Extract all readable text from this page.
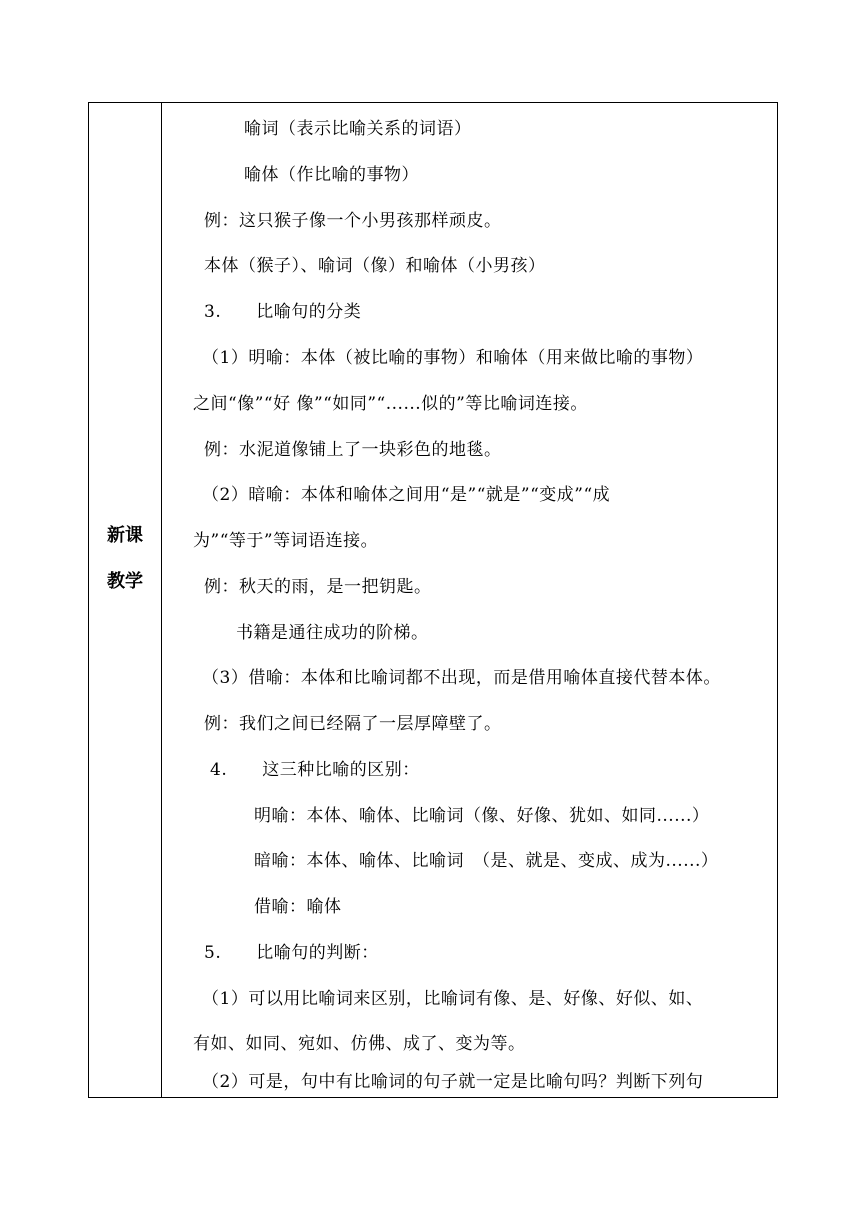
新课
教学
喻词（表示比喻关系的词语）
喻体（作比喻的事物）
例：这只猴子像一个小男孩那样顽皮。
本体（猴子）、喻词（像）和喻体（小男孩）
3.　　比喻句的分类
（1）明喻：本体（被比喻的事物）和喻体（用来做比喻的事物）
之间“像”“好 像”“如同”“......似的”等比喻词连接。
例：水泥道像铺上了一块彩色的地毯。
（2）暗喻：本体和喻体之间用“是”“就是”“变成”“成
为”“等于”等词语连接。
例：秋天的雨，是一把钥匙。
书籍是通往成功的阶梯。
（3）借喻：本体和比喻词都不出现，而是借用喻体直接代替本体。
例：我们之间已经隔了一层厚障壁了。
4.　　这三种比喻的区别：
明喻：本体、喻体、比喻词（像、好像、犹如、如同......）
暗喻：本体、喻体、比喻词　（是、就是、变成、成为......）
借喻：喻体
5.　　比喻句的判断：
（1）可以用比喻词来区别，比喻词有像、是、好像、好似、如、
有如、如同、宛如、仿佛、成了、变为等。
（2）可是，句中有比喻词的句子就一定是比喻句吗？判断下列句
